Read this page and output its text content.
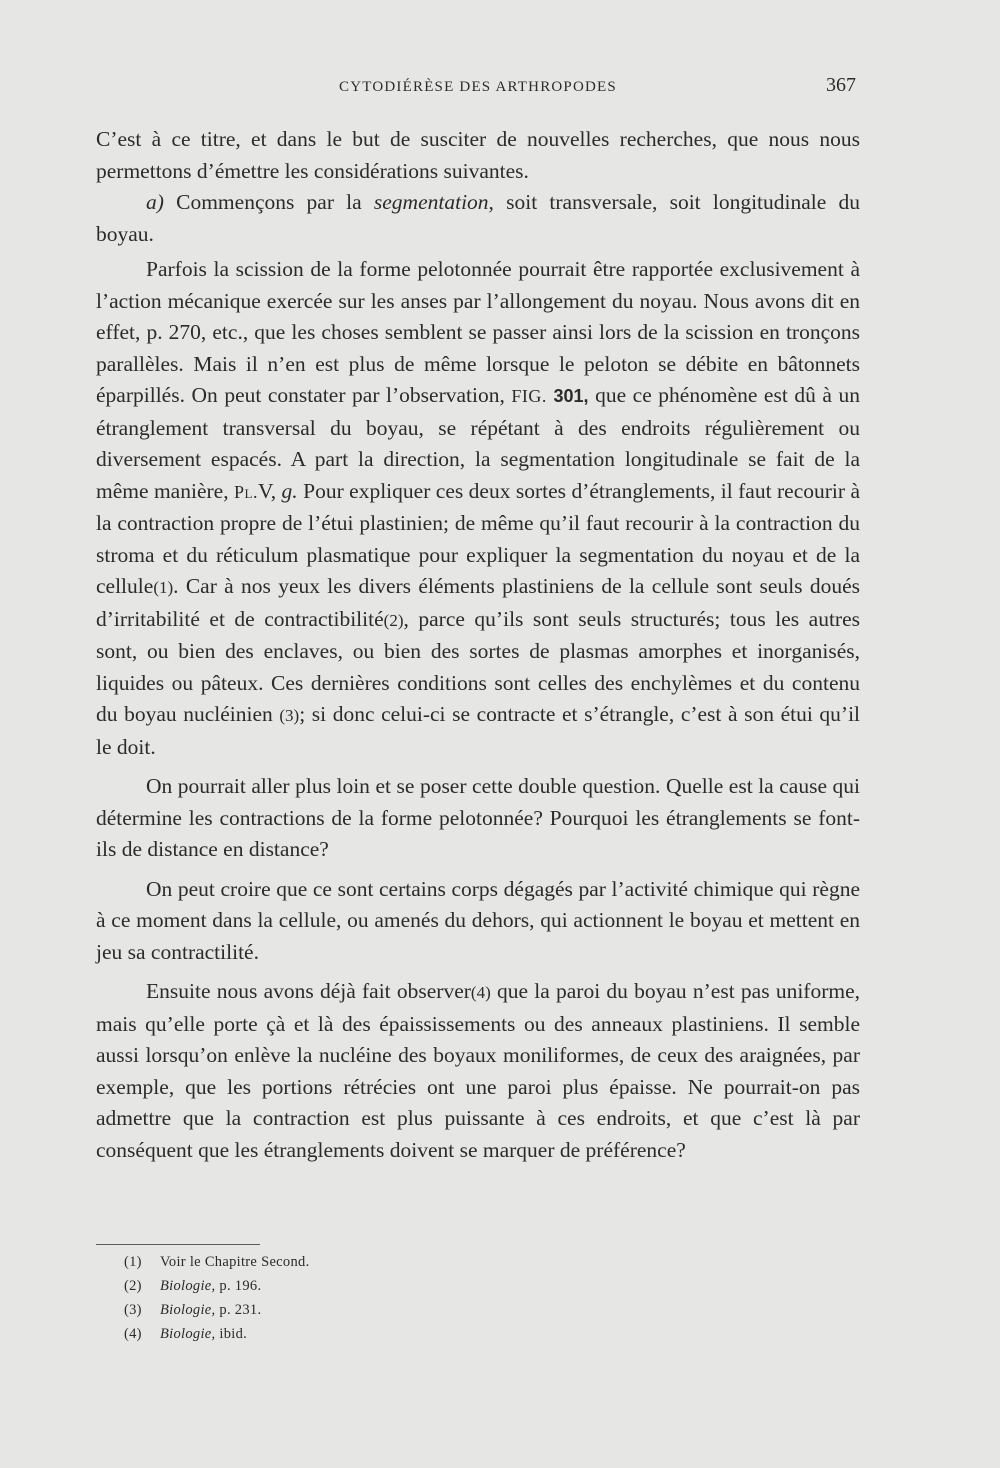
CYTODIÉRÈSE DES ARTHROPODES	367

C’est à ce titre, et dans le but de susciter de nouvelles recherches, que nous nous permettons d’émettre les considérations suivantes.

a) Commençons par la segmentation, soit transversale, soit longitudinale du boyau.

Parfois la scission de la forme pelotonnée pourrait être rapportée exclusivement à l’action mécanique exercée sur les anses par l’allongement du noyau. Nous avons dit en effet, p. 270, etc., que les choses semblent se passer ainsi lors de la scission en tronçons parallèles. Mais il n’en est plus de même lorsque le peloton se débite en bâtonnets éparpillés. On peut constater par l’observation, FIG. 301, que ce phénomène est dû à un étranglement transversal du boyau, se répétant à des endroits régulièrement ou diversement espacés. A part la direction, la segmentation longitudinale se fait de la même manière, Pl.V, g. Pour expliquer ces deux sortes d’étranglements, il faut recourir à la contraction propre de l’étui plastinien; de même qu’il faut recourir à la contraction du stroma et du réticulum plasmatique pour expliquer la segmentation du noyau et de la cellule(1). Car à nos yeux les divers éléments plastiniens de la cellule sont seuls doués d’irritabilité et de contractibilité(2), parce qu’ils sont seuls structurés; tous les autres sont, ou bien des enclaves, ou bien des sortes de plasmas amorphes et inorganisés, liquides ou pâteux. Ces dernières conditions sont celles des enchylèmes et du contenu du boyau nucléinien (3); si donc celui-ci se contracte et s’étrangle, c’est à son étui qu’il le doit.

On pourrait aller plus loin et se poser cette double question. Quelle est la cause qui détermine les contractions de la forme pelotonnée? Pourquoi les étranglements se font-ils de distance en distance?

On peut croire que ce sont certains corps dégagés par l’activité chimique qui règne à ce moment dans la cellule, ou amenés du dehors, qui actionnent le boyau et mettent en jeu sa contractilité.

Ensuite nous avons déjà fait observer(4) que la paroi du boyau n’est pas uniforme, mais qu’elle porte çà et là des épaississements ou des anneaux plastiniens. Il semble aussi lorsqu’on enlève la nucléine des boyaux moniliformes, de ceux des araignées, par exemple, que les portions rétrécies ont une paroi plus épaisse. Ne pourrait-on pas admettre que la contraction est plus puissante à ces endroits, et que c’est là par conséquent que les étranglements doivent se marquer de préférence?

(1)	Voir le Chapitre Second.
(2)	Biologie, p. 196.
(3)	Biologie, p. 231.
(4)	Biologie, ibid.
